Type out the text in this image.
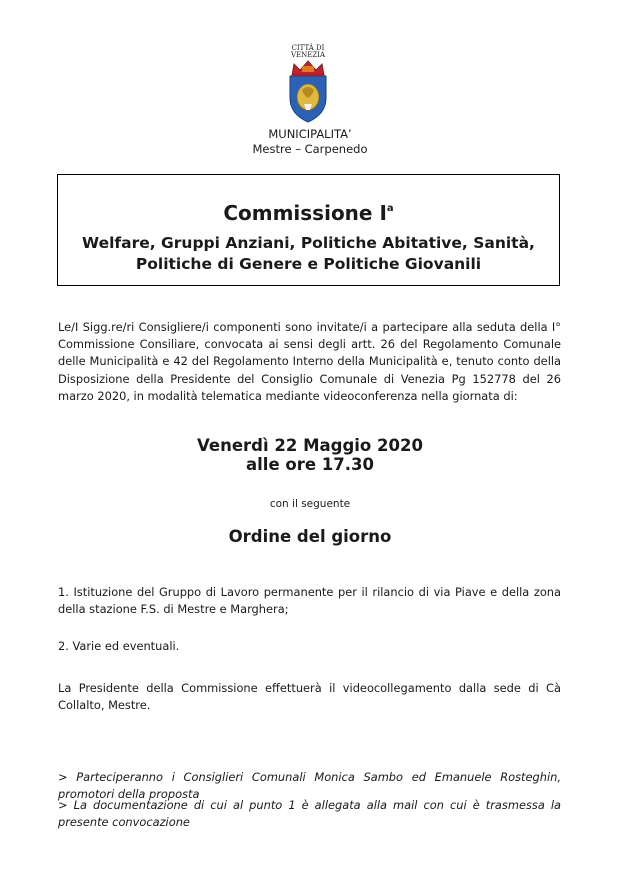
CITTÀ DI
VENEZIA
MUNICIPALITA’
Mestre – Carpenedo
Commissione $I^a$
Welfare, Gruppi Anziani, Politiche Abitative, Sanità,
Politiche di Genere e Politiche Giovanili
Le/I Sigg.re/ri Consigliere/i componenti sono invitate/i a partecipare alla seduta della I° Commissione Consiliare, convocata ai sensi degli artt. 26 del Regolamento Comunale delle Municipalità e 42 del Regolamento Interno della Municipalità e, tenuto conto della Disposizione della Presidente del Consiglio Comunale di Venezia Pg 152778 del 26 marzo 2020, in modalità telematica mediante videoconferenza nella giornata di:
Venerdì 22 Maggio 2020
alle ore 17.30
con il seguente
Ordine del giorno
1. Istituzione del Gruppo di Lavoro permanente per il rilancio di via Piave e della zona della stazione F.S. di Mestre e Marghera;
2. Varie ed eventuali.
La Presidente della Commissione effettuerà il videocollegamento dalla sede di Cà Collalto, Mestre.
> Parteciperanno i Consiglieri Comunali Monica Sambo ed Emanuele Rosteghin, promotori della proposta
> La documentazione di cui al punto 1 è allegata alla mail con cui è trasmessa la presente convocazione
